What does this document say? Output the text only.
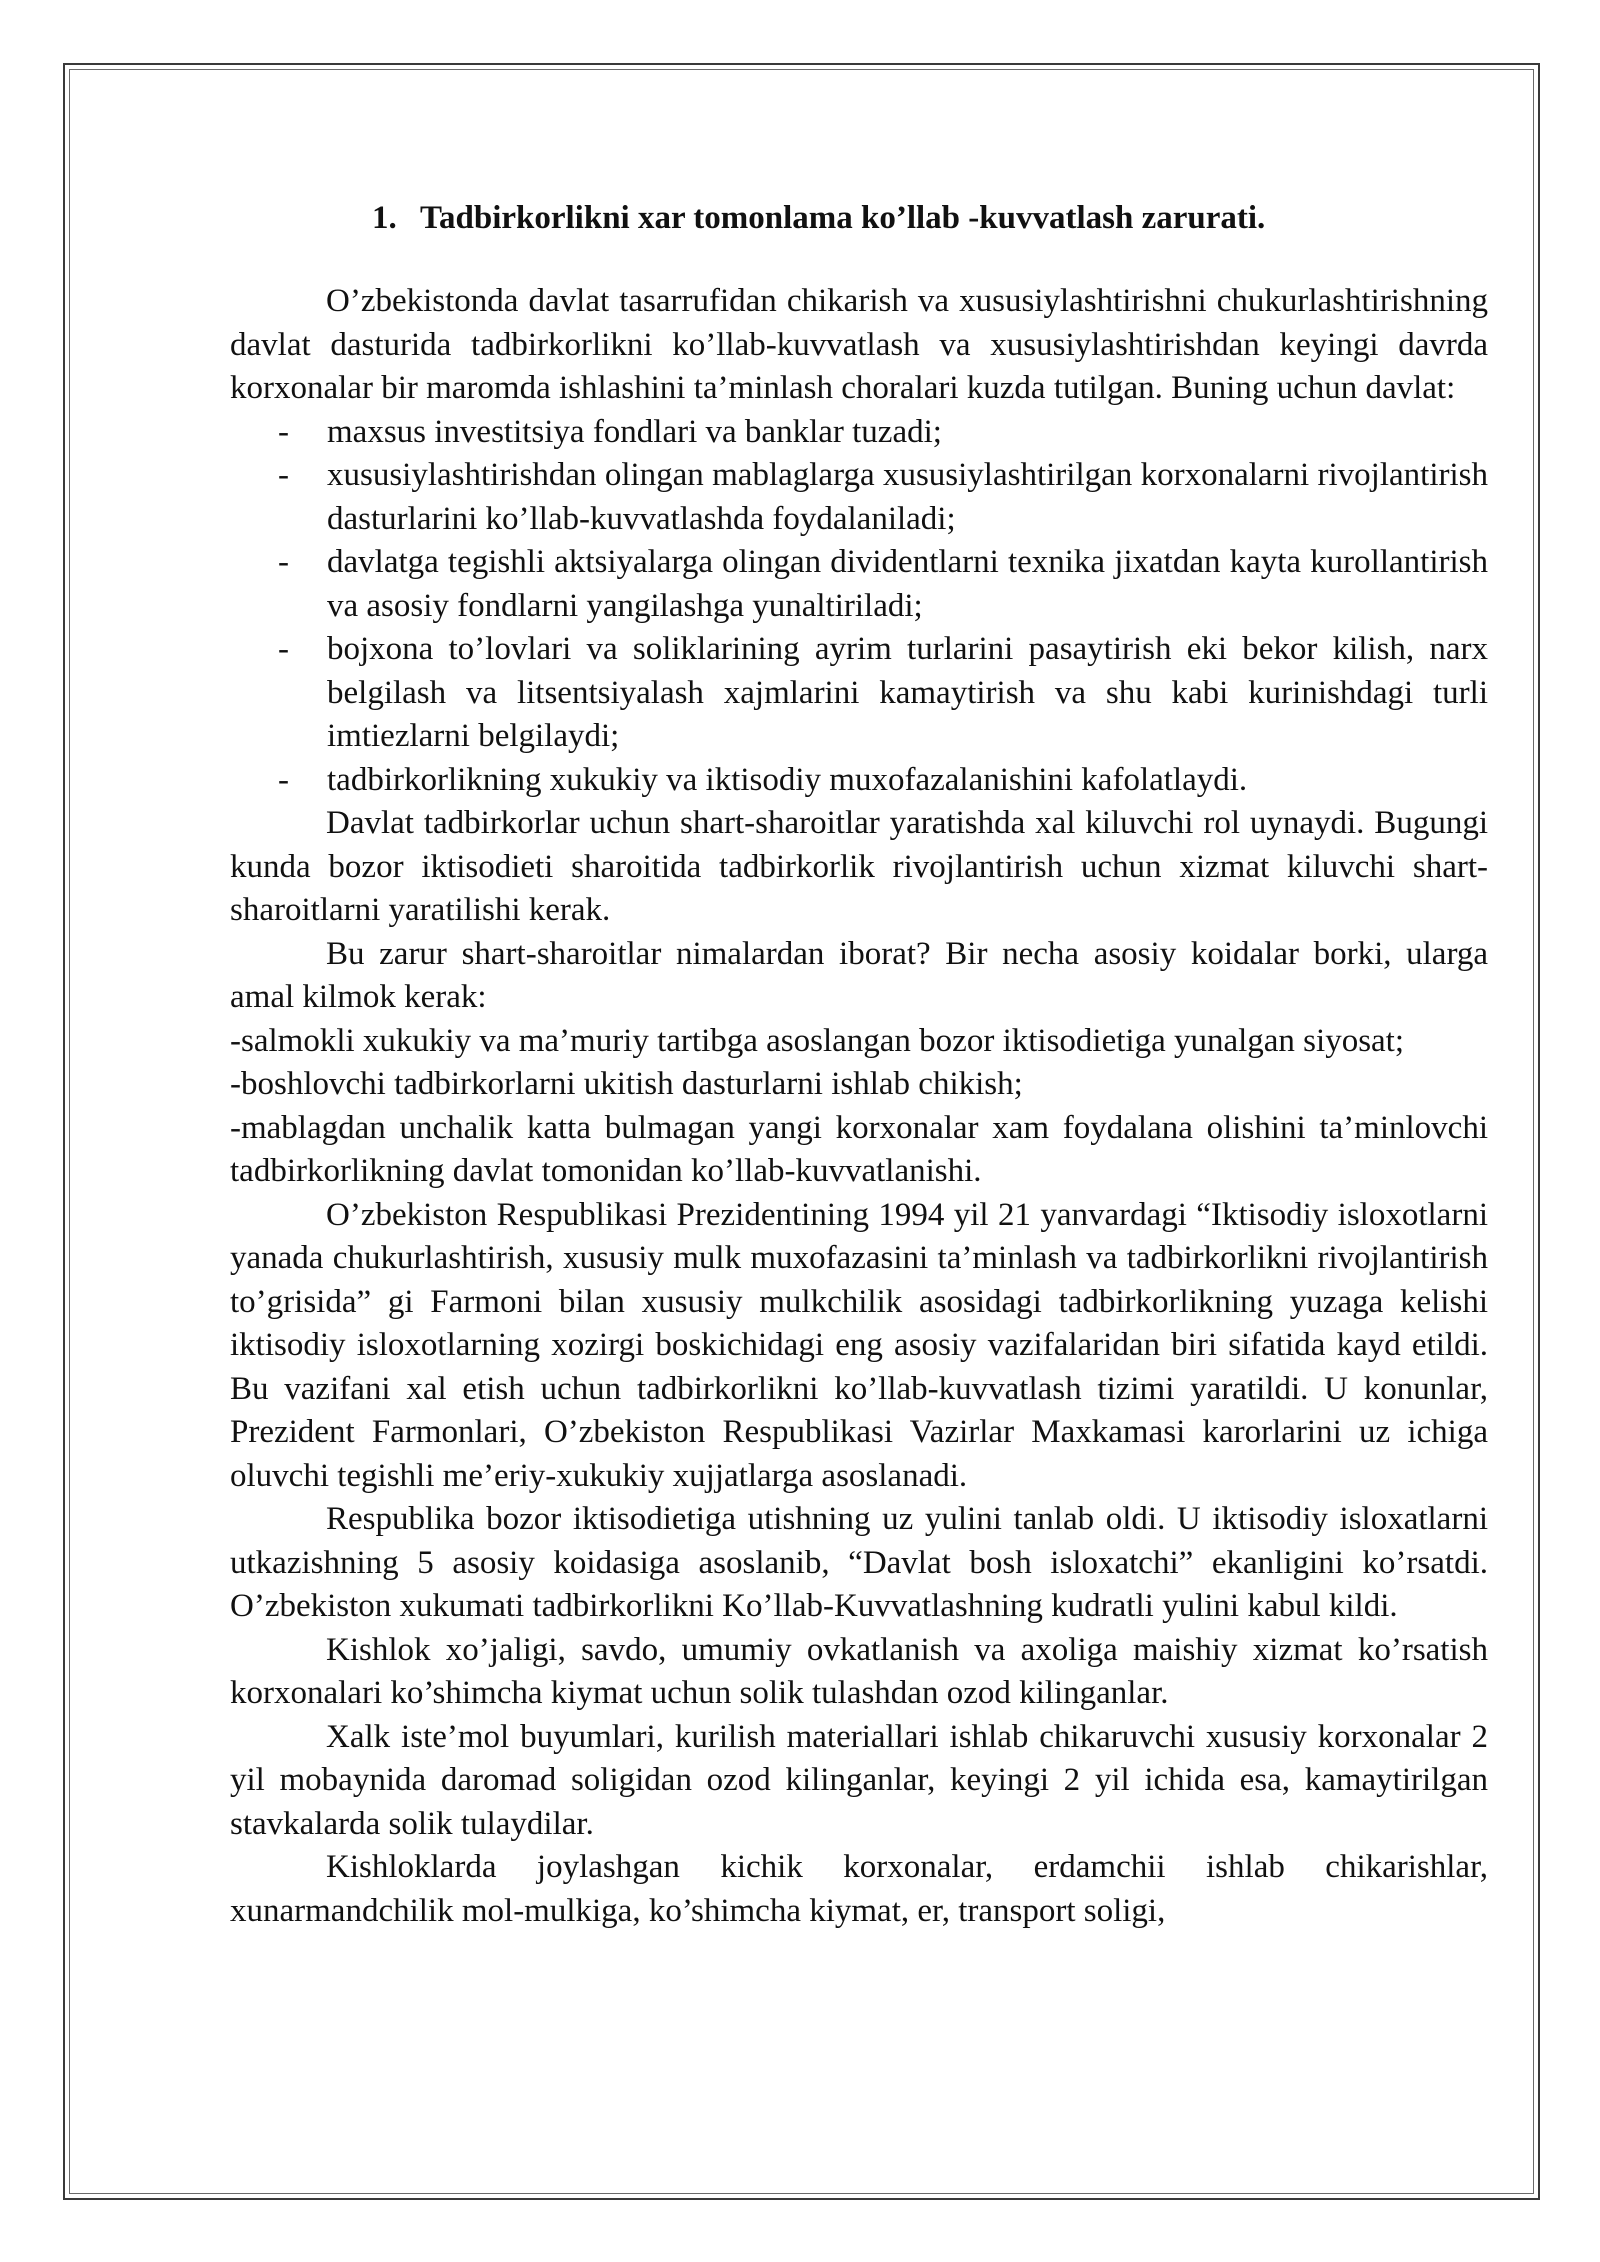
1. Tadbirkorlikni xar tomonlama ko’llab -kuvvatlash zarurati.

O’zbekistonda davlat tasarrufidan chikarish va xususiylashtirishni chukurlashtirishning davlat dasturida tadbirkorlikni ko’llab-kuvvatlash va xususiylashtirishdan keyingi davrda korxonalar bir maromda ishlashini ta’minlash choralari kuzda tutilgan. Buning uchun davlat:

- maxsus investitsiya fondlari va banklar tuzadi;
- xususiylashtirishdan olingan mablaglarga xususiylashtirilgan korxonalarni rivojlantirish dasturlarini ko’llab-kuvvatlashda foydalaniladi;
- davlatga tegishli aktsiyalarga olingan dividentlarni texnika jixatdan kayta kurollantirish va asosiy fondlarni yangilashga yunaltiriladi;
- bojxona to’lovlari va soliklarining ayrim turlarini pasaytirish eki bekor kilish, narx belgilash va litsentsiyalash xajmlarini kamaytirish va shu kabi kurinishdagi turli imtiezlarni belgilaydi;
- tadbirkorlikning xukukiy va iktisodiy muxofazalanishini kafolatlaydi.

Davlat tadbirkorlar uchun shart-sharoitlar yaratishda xal kiluvchi rol uynaydi. Bugungi kunda bozor iktisodieti sharoitida tadbirkorlik rivojlantirish uchun xizmat kiluvchi shart-sharoitlarni yaratilishi kerak.

Bu zarur shart-sharoitlar nimalardan iborat? Bir necha asosiy koidalar borki, ularga amal kilmok kerak:

-salmokli xukukiy va ma’muriy tartibga asoslangan bozor iktisodietiga yunalgan siyosat;

-boshlovchi tadbirkorlarni ukitish dasturlarni ishlab chikish;

-mablagdan unchalik katta bulmagan yangi korxonalar xam foydalana olishini ta’minlovchi tadbirkorlikning davlat tomonidan ko’llab-kuvvatlanishi.

O’zbekiston Respublikasi Prezidentining 1994 yil 21 yanvardagi “Iktisodiy isloxotlarni yanada chukurlashtirish, xususiy mulk muxofazasini ta’minlash va tadbirkorlikni rivojlantirish to’grisida” gi Farmoni bilan xususiy mulkchilik asosidagi tadbirkorlikning yuzaga kelishi iktisodiy isloxotlarning xozirgi boskichidagi eng asosiy vazifalaridan biri sifatida kayd etildi. Bu vazifani xal etish uchun tadbirkorlikni ko’llab-kuvvatlash tizimi yaratildi. U konunlar, Prezident Farmonlari, O’zbekiston Respublikasi Vazirlar Maxkamasi karorlarini uz ichiga oluvchi tegishli me’eriy-xukukiy xujjatlarga asoslanadi.

Respublika bozor iktisodietiga utishning uz yulini tanlab oldi. U iktisodiy isloxatlarni utkazishning 5 asosiy koidasiga asoslanib, “Davlat bosh isloxatchi” ekanligini ko’rsatdi. O’zbekiston xukumati tadbirkorlikni Ko’llab-Kuvvatlashning kudratli yulini kabul kildi.

Kishlok xo’jaligi, savdo, umumiy ovkatlanish va axoliga maishiy xizmat ko’rsatish korxonalari ko’shimcha kiymat uchun solik tulashdan ozod kilinganlar.

Xalk iste’mol buyumlari, kurilish materiallari ishlab chikaruvchi xususiy korxonalar 2 yil mobaynida daromad soligidan ozod kilinganlar, keyingi 2 yil ichida esa, kamaytirilgan stavkalarda solik tulaydilar.

Kishloklarda joylashgan kichik korxonalar, erdamchii ishlab chikarishlar, xunarmandchilik mol-mulkiga, ko’shimcha kiymat, er, transport soligi,
